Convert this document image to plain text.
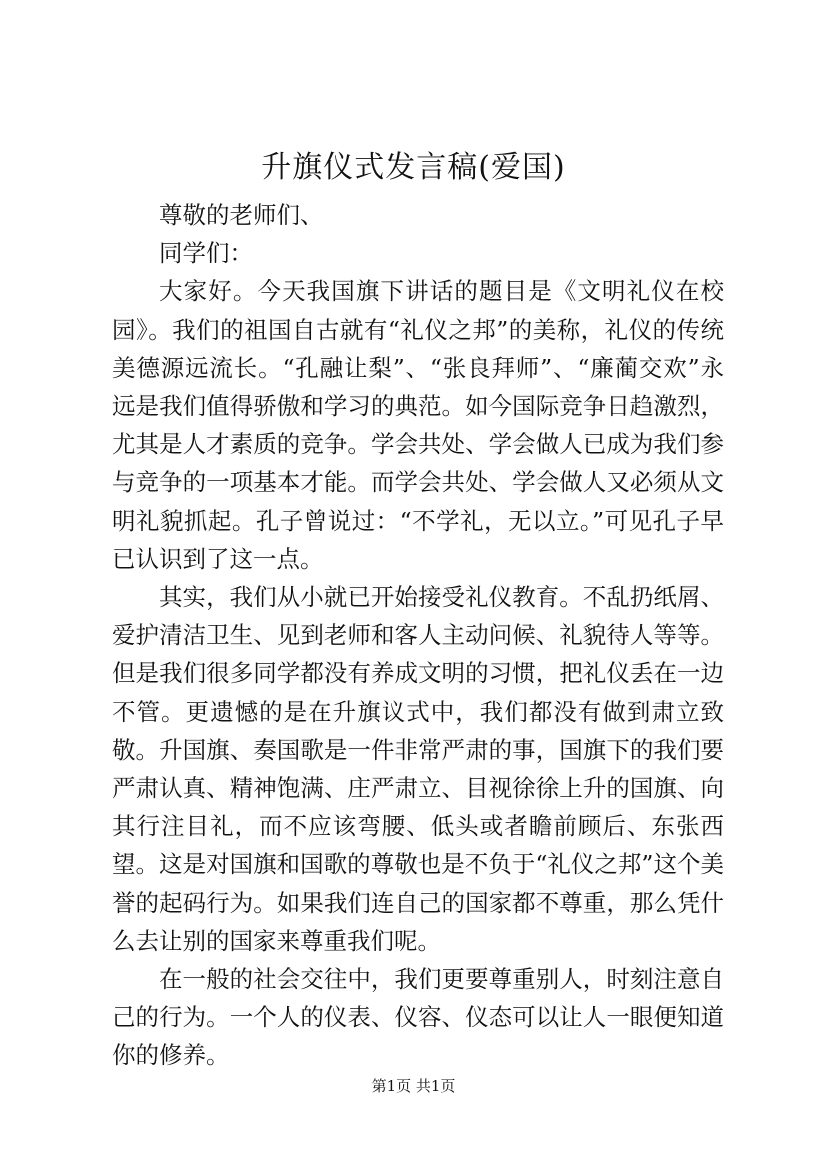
升旗仪式发言稿(爱国)

尊敬的老师们、

同学们：

大家好。今天我国旗下讲话的题目是《文明礼仪在校园》。我们的祖国自古就有“礼仪之邦”的美称，礼仪的传统美德源远流长。“孔融让梨”、“张良拜师”、“廉蔺交欢”永远是我们值得骄傲和学习的典范。如今国际竞争日趋激烈，尤其是人才素质的竞争。学会共处、学会做人已成为我们参与竞争的一项基本才能。而学会共处、学会做人又必须从文明礼貌抓起。孔子曾说过：“不学礼，无以立。”可见孔子早已认识到了这一点。

其实，我们从小就已开始接受礼仪教育。不乱扔纸屑、爱护清洁卫生、见到老师和客人主动问候、礼貌待人等等。但是我们很多同学都没有养成文明的习惯，把礼仪丢在一边不管。更遗憾的是在升旗议式中，我们都没有做到肃立致敬。升国旗、奏国歌是一件非常严肃的事，国旗下的我们要严肃认真、精神饱满、庄严肃立、目视徐徐上升的国旗、向其行注目礼，而不应该弯腰、低头或者瞻前顾后、东张西望。这是对国旗和国歌的尊敬也是不负于“礼仪之邦”这个美誉的起码行为。如果我们连自己的国家都不尊重，那么凭什么去让别的国家来尊重我们呢。

在一般的社会交往中，我们更要尊重别人，时刻注意自己的行为。一个人的仪表、仪容、仪态可以让人一眼便知道你的修养。

第1页 共1页
